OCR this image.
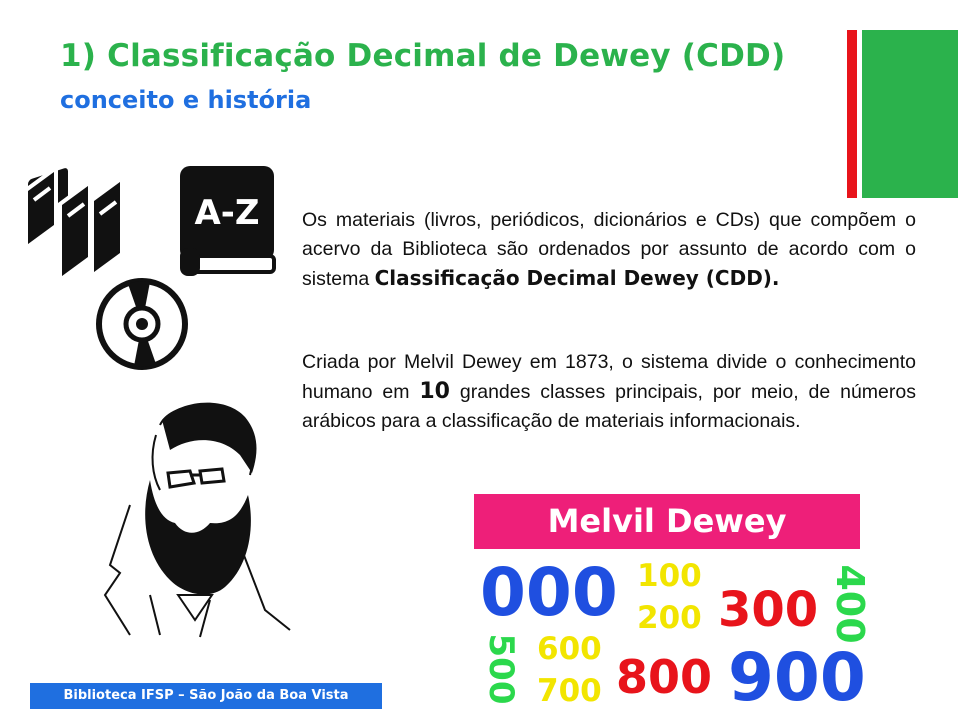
1) Classificação Decimal de Dewey (CDD)
conceito e história
A-Z Os materiais (livros, periódicos, dicionários e CDs) que compõem o acervo da Biblioteca são ordenados por assunto de acordo com o sistema Classificação Decimal Dewey (CDD).
Criada por Melvil Dewey em 1873, o sistema divide o conhecimento humano em 10 grandes classes principais, por meio, de números arábicos para a classificação de materiais informacionais.
Melvil Dewey
000 100
200 300 400
500 600
700 800 900
Biblioteca IFSP – São João da Boa Vista
